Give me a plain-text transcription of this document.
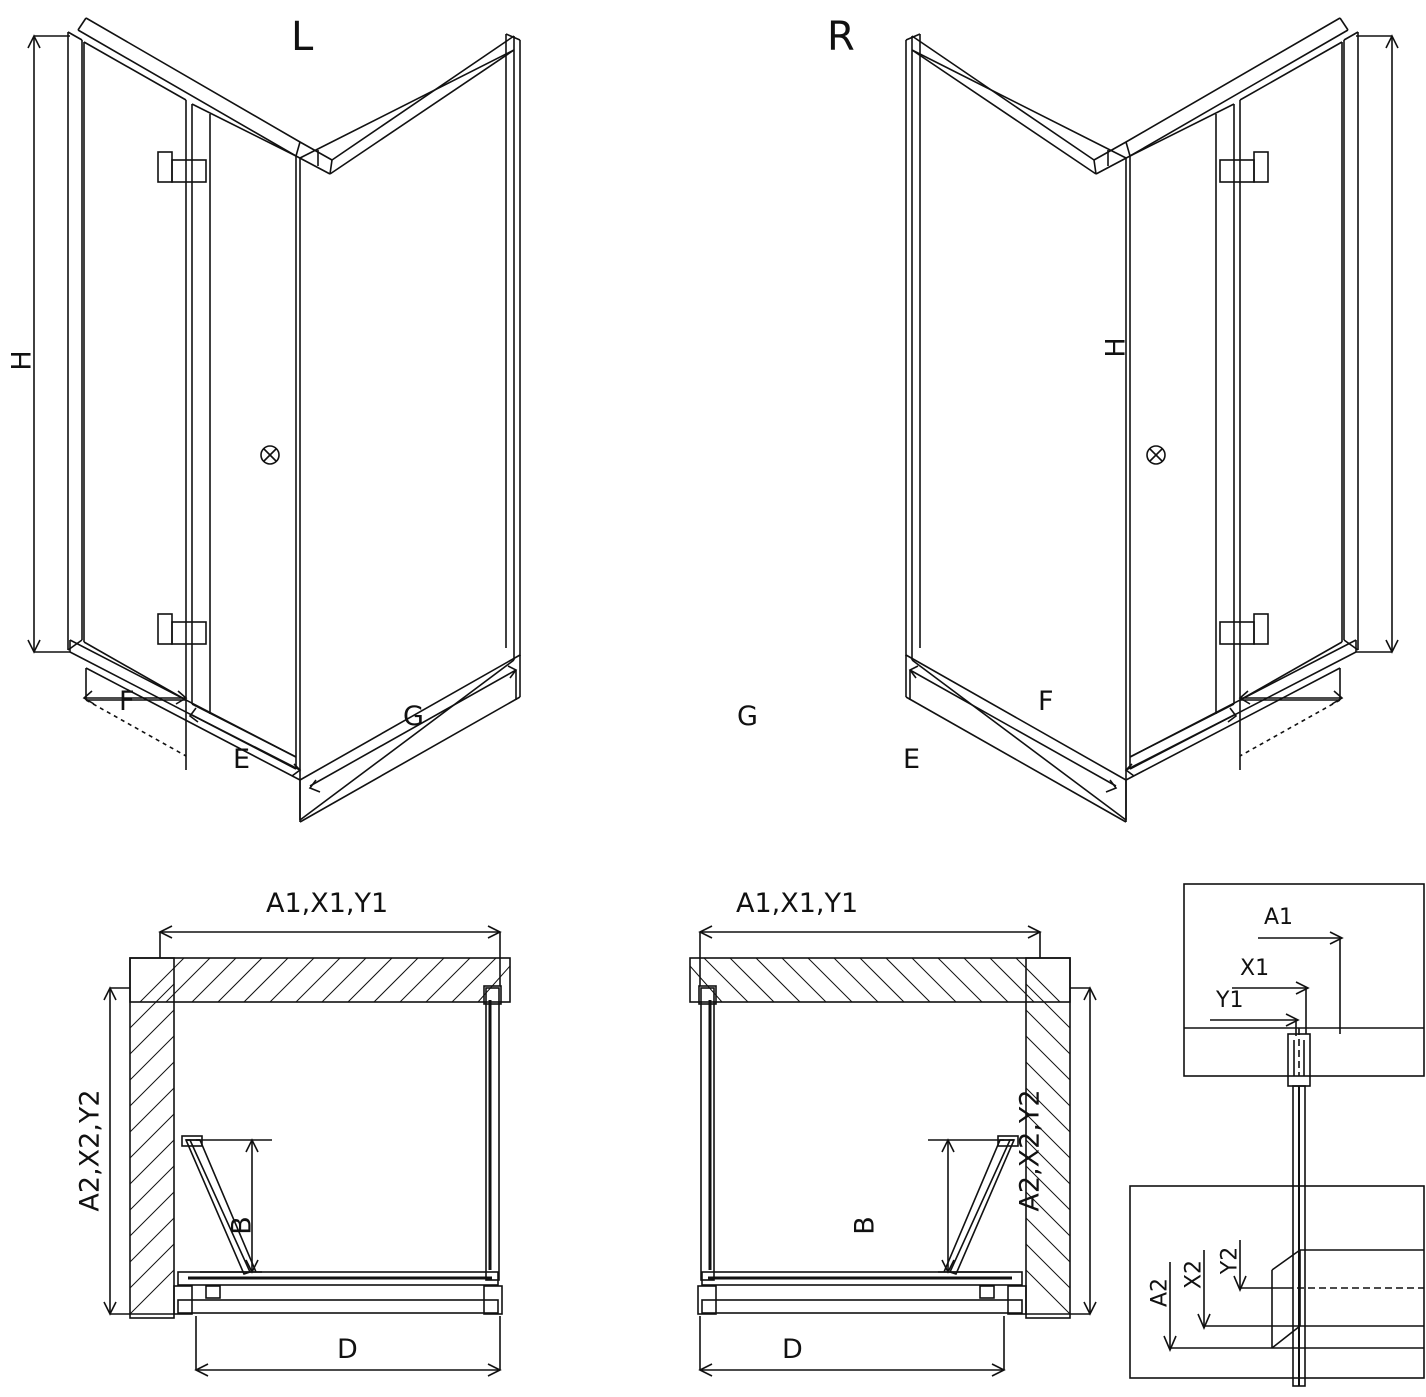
L	R
H
H
F
E
G	G
E
F
A1,X1,Y1
A2,X2,Y2
B
D
A1,X1,Y1
A2,X2,Y2
B
D
A1
X1
Y1
A2
X2 Y2
